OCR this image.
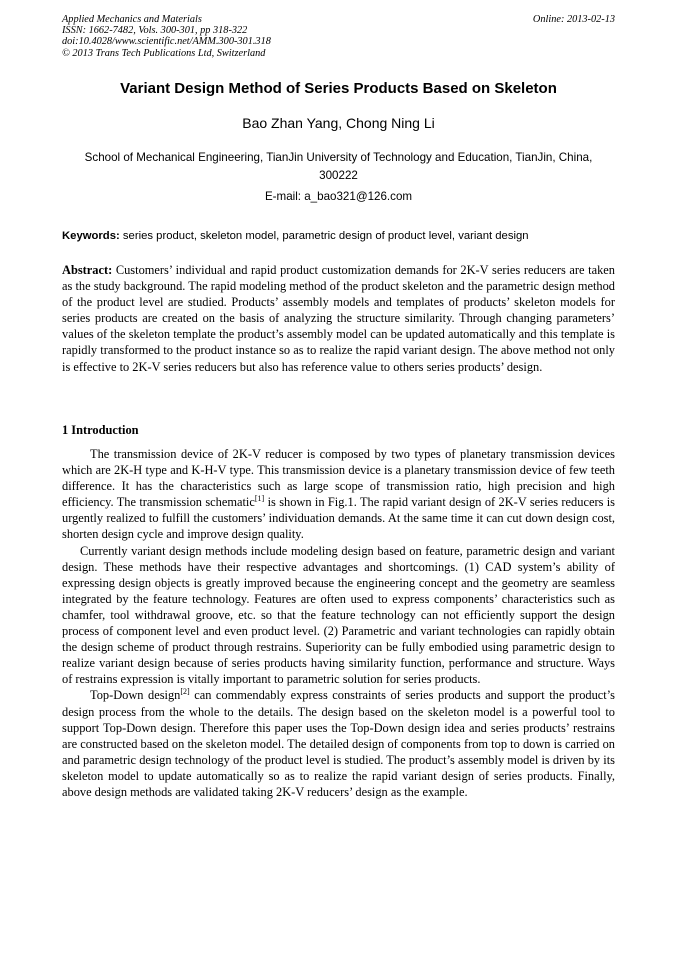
Applied Mechanics and Materials
ISSN: 1662-7482, Vols. 300-301, pp 318-322
doi:10.4028/www.scientific.net/AMM.300-301.318
© 2013 Trans Tech Publications Ltd, Switzerland
Online: 2013-02-13
Variant Design Method of Series Products Based on Skeleton
Bao Zhan Yang, Chong Ning Li
School of Mechanical Engineering, TianJin University of Technology and Education, TianJin, China,
300222
E-mail: a_bao321@126.com
Keywords: series product, skeleton model, parametric design of product level, variant design
Abstract: Customers’ individual and rapid product customization demands for 2K-V series reducers are taken as the study background. The rapid modeling method of the product skeleton and the parametric design method of the product level are studied. Products’ assembly models and templates of products’ skeleton models for series products are created on the basis of analyzing the structure similarity. Through changing parameters’ values of the skeleton template the product’s assembly model can be updated automatically and this template is rapidly transformed to the product instance so as to realize the rapid variant design. The above method not only is effective to 2K-V series reducers but also has reference value to others series products’ design.
1 Introduction

The transmission device of 2K-V reducer is composed by two types of planetary transmission devices which are 2K-H type and K-H-V type. This transmission device is a planetary transmission device of few teeth difference. It has the characteristics such as large scope of transmission ratio, high precision and high efficiency. The transmission schematic[1] is shown in Fig.1. The rapid variant design of 2K-V series reducers is urgently realized to fulfill the customers’ individuation demands. At the same time it can cut down design cost, shorten design cycle and improve design quality.

Currently variant design methods include modeling design based on feature, parametric design and variant design. These methods have their respective advantages and shortcomings. (1) CAD system’s ability of expressing design objects is greatly improved because the engineering concept and the geometry are seamless integrated by the feature technology. Features are often used to express components’ characteristics such as chamfer, tool withdrawal groove, etc. so that the feature technology can not efficiently support the design process of component level and even product level. (2) Parametric and variant technologies can rapidly obtain the design scheme of product through restrains. Superiority can be fully embodied using parametric design to realize variant design because of series products having similarity function, performance and structure. Ways of restrains expression is vitally important to parametric solution for series products.

Top-Down design[2] can commendably express constraints of series products and support the product’s design process from the whole to the details. The design based on the skeleton model is a powerful tool to support Top-Down design. Therefore this paper uses the Top-Down design idea and series products’ restrains are constructed based on the skeleton model. The detailed design of components from top to down is carried on and parametric design technology of the product level is studied. The product’s assembly model is driven by its skeleton model to update automatically so as to realize the rapid variant design of series products. Finally, above design methods are validated taking 2K-V reducers’ design as the example.
